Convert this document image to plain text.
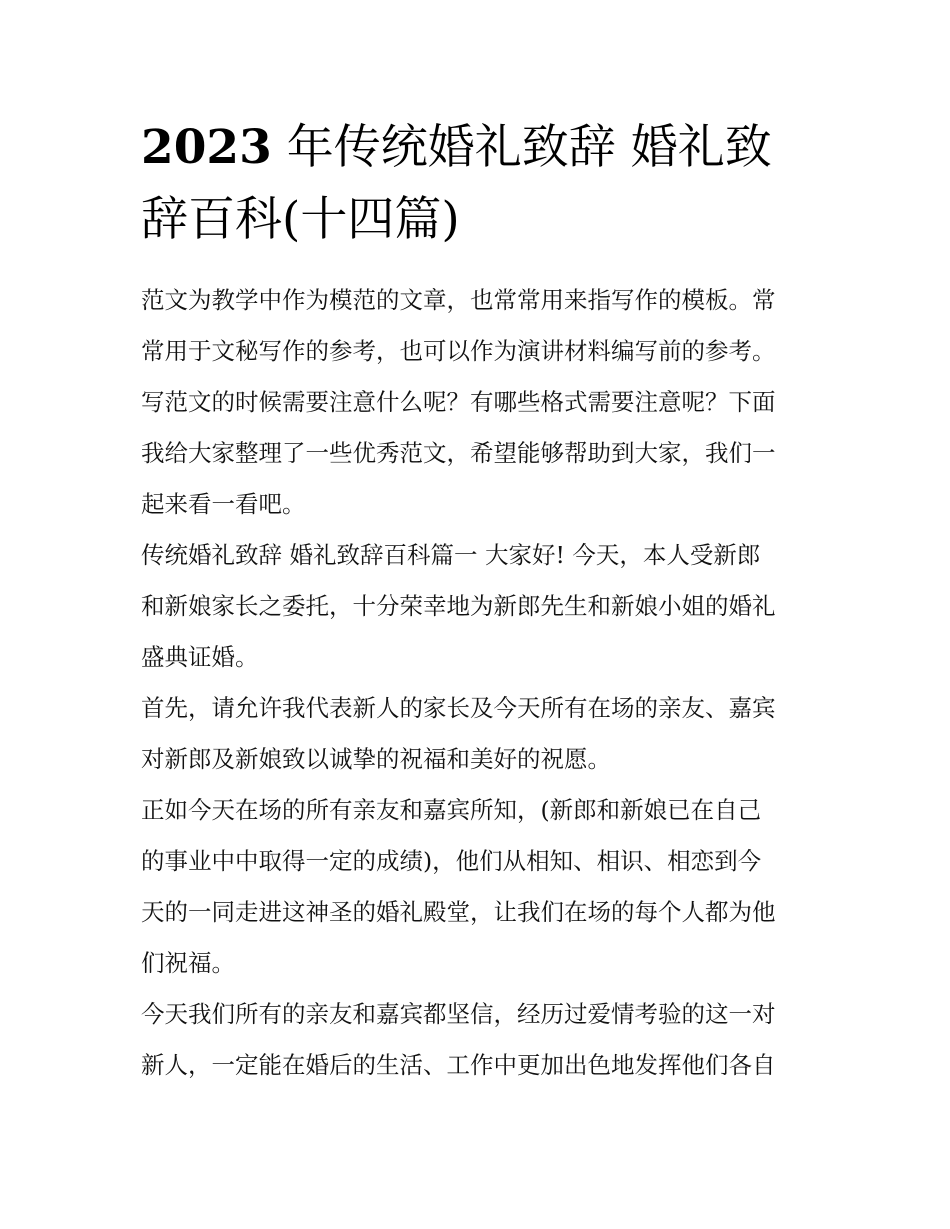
2023 年传统婚礼致辞 婚礼致
辞百科(十四篇)

范文为教学中作为模范的文章，也常常用来指写作的模板。常
常用于文秘写作的参考，也可以作为演讲材料编写前的参考。
写范文的时候需要注意什么呢？有哪些格式需要注意呢？下面
我给大家整理了一些优秀范文，希望能够帮助到大家，我们一
起来看一看吧。

传统婚礼致辞 婚礼致辞百科篇一 大家好! 今天，本人受新郎
和新娘家长之委托，十分荣幸地为新郎先生和新娘小姐的婚礼
盛典证婚。

首先，请允许我代表新人的家长及今天所有在场的亲友、嘉宾
对新郎及新娘致以诚挚的祝福和美好的祝愿。

正如今天在场的所有亲友和嘉宾所知，(新郎和新娘已在自己
的事业中中取得一定的成绩)，他们从相知、相识、相恋到今
天的一同走进这神圣的婚礼殿堂，让我们在场的每个人都为他
们祝福。

今天我们所有的亲友和嘉宾都坚信，经历过爱情考验的这一对
新人，一定能在婚后的生活、工作中更加出色地发挥他们各自
